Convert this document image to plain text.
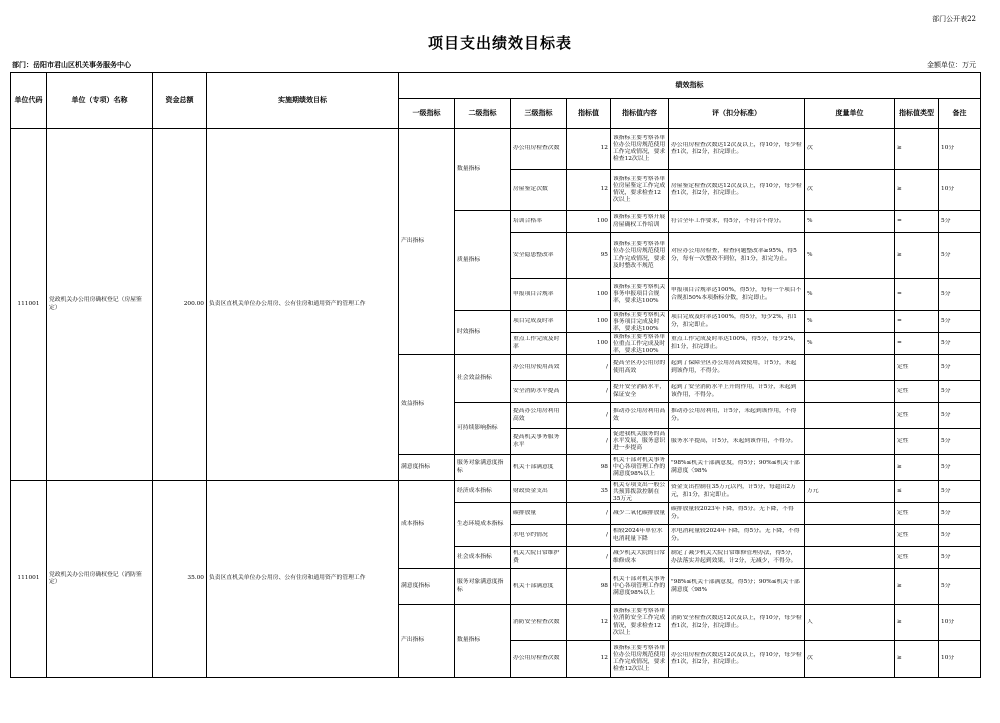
部门公开表22
项目支出绩效目标表
部门：岳阳市君山区机关事务服务中心	金额单位：万元
单位代码	单位（专项）名称	资金总额	实施期绩效目标	绩效指标								
				一级指标	二级指标	三级指标	指标值	指标值内容	评（扣分标准）	度量单位	指标值类型	备注
111001	党政机关办公用房确权登记（房屋鉴定）	200.00	负责区直机关单位办公用房、公有住房和通用资产的管理工作	产出指标	数量指标	办公用房检查次数	12	该指标主要考察各单位办公用房规范使用工作完成情况，要求检查12次以上	办公用房检查次数达12次及以上，得10分，每少检查1次，扣2分，扣完即止。	次	≥	10分

						房屋鉴定次数	12	该指标主要考察各单位房屋鉴定工作完成情况，要求检查12次以上	房屋鉴定检查次数达12次及以上，得10分，每少检查1次，扣2分，扣完即止。	次	≥	10分

					质量指标	培训合格率	100	该指标主要考察开展房屋确权工作培训	符合全年工作要求，得5分，不符合不得分。	%	=	5分

						安全隐患整改率	95	该指标主要考察各单位办公用房规范使用工作完成情况，要求及时整改不规范	对应办公用房检查，检查问题整改率≥95%，得5分，每有一次整改不到位，扣1分，扣完为止。	%	≥	5分

						申报项目合规率	100	该指标主要考察机关事务申报项目合规率，要求达100%	申报项目合规率达100%，得5分，每有一个项目不合规扣50%本项指标分数，扣完即止。	%	=	5分

					时效指标	项目完成及时率	100	该指标主要考察机关事务项目完成及时率，要求达100%	项目完成及时率达100%，得5分，每少2%，扣1分，扣完即止。	%	=	5分

						重点工作完成及时率	100	该指标主要考察各单位重点工作完成及时率，要求达100%	重点工作完成及时率达100%，得5分，每少2%，扣1分，扣完即止。	%	=	5分

				效益指标	社会效益指标	办公用房使用高效	/	提高全区办公用房的使用高效	起到了保障全区办公用房高效使用，计5分，未起到该作用，不得分。		定性	5分

						安全消防水平提高	/	提升安全消防水平，保证安全	起到了安全消防水平上升的作用，计5分，未起到该作用，不得分。		定性	5分

					可持续影响指标	提高办公用房利用高效	/	推动办公用房利用高效	推动办公用房利用，计5分，未起到该作用，不得分。		定性	5分

						提高机关事务服务水平	/	促进我机关服务的高水平发展，服务意识进一步提高	服务水平提高，计5分，未起到该作用，不得分。		定性	5分

				满意度指标	服务对象满意度指标	机关干部满意度	98	机关干部对机关事务中心各项管理工作的满意度98%以上	"98%≤机关干部满意度，得5分；90%≤机关干部满意度〈98%		≥	5分

111001	党政机关办公用房确权登记（消防鉴定）	35.00	负责区直机关单位办公用房、公有住房和通用资产的管理工作	成本指标	经济成本指标	财政资金支出	35	机关专项支出一般公共预算拨款控制在35万元	资金支出控制在35万元以内，计5分，每超出2万元，扣1分，扣完即止。	万元	≤	5分

					生态环境成本指标	碳排放量	/	减少二氧化碳排放量	碳排放量较2023年下降，得5分。无下降，不得分。		定性	5分

						水电节约情况	/	相较2024年单位水电消耗量下降	水电消耗量较2024年下降，得5分。无下降，不得分。		定性	5分

					社会成本指标	机关大院日常维护费	/	减少机关大院的日常维修成本	制定了减少机关大院日常维修管理办法，得5分，办法落实并起到效果，计2分，无减少，不得分。		定性	5分

				满意度指标	服务对象满意度指标	机关干部满意度	98	机关干部对机关事务中心各项管理工作的满意度98%以上	"98%≤机关干部满意度，得5分；90%≤机关干部满意度〈98%		≥	5分

				产出指标	数量指标	消防安全检查次数	12	该指标主要考察各单位消防安全工作完成情况，要求检查12次以上	消防安全检查次数达12次及以上，得10分，每少检查1次，扣2分，扣完即止。	人	≥	10分

						办公用房检查次数	12	该指标主要考察各单位办公用房规范使用工作完成情况，要求检查12次以上	办公用房检查次数达12次及以上，得10分，每少检查1次，扣2分，扣完即止。	次	≥	10分
